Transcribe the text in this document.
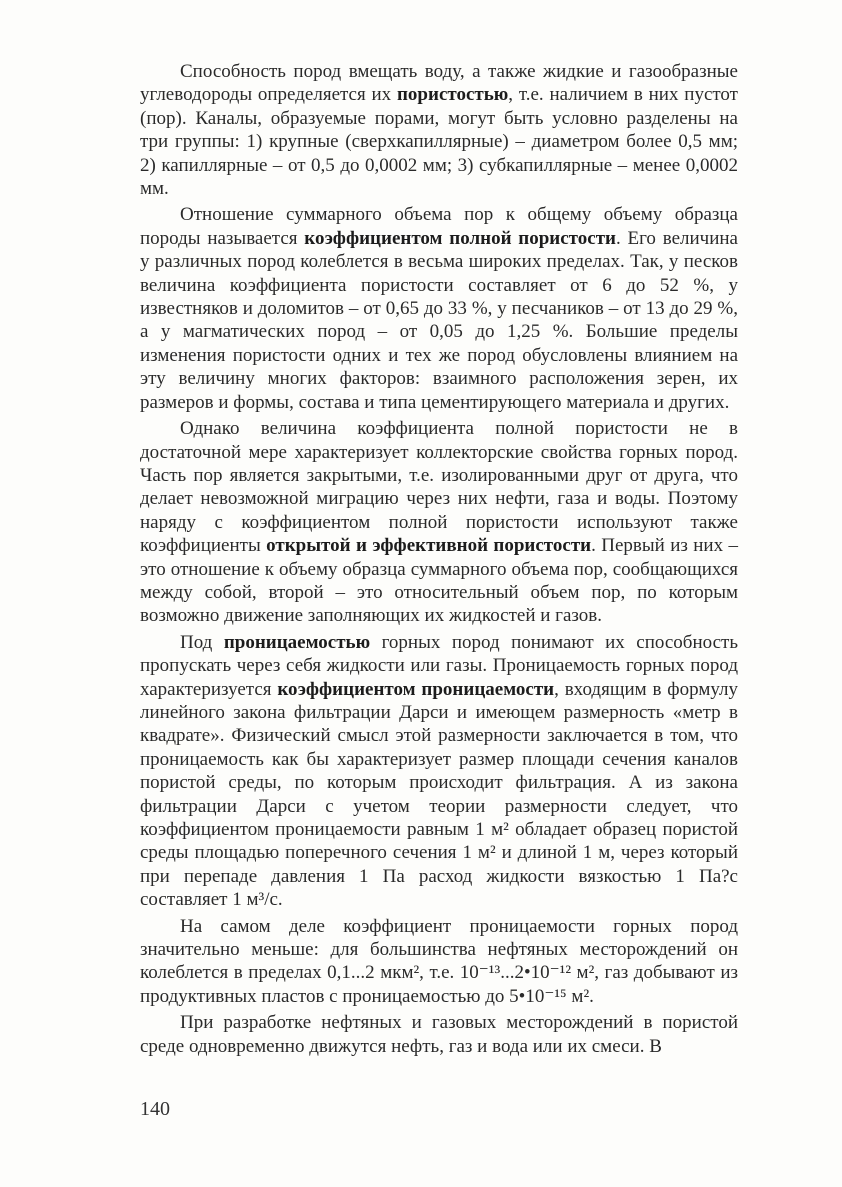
Способность пород вмещать воду, а также жидкие и газообразные углеводороды определяется их пористостью, т.е. наличием в них пустот (пор). Каналы, образуемые порами, могут быть условно разделены на три группы: 1) крупные (сверхкапиллярные) – диаметром более 0,5 мм; 2) капиллярные – от 0,5 до 0,0002 мм; 3) субкапиллярные – менее 0,0002 мм.

Отношение суммарного объема пор к общему объему образца породы называется коэффициентом полной пористости. Его величина у различных пород колеблется в весьма широких пределах. Так, у песков величина коэффициента пористости составляет от 6 до 52 %, у известняков и доломитов – от 0,65 до 33 %, у песчаников – от 13 до 29 %, а у магматических пород – от 0,05 до 1,25 %. Большие пределы изменения пористости одних и тех же пород обусловлены влиянием на эту величину многих факторов: взаимного расположения зерен, их размеров и формы, состава и типа цементирующего материала и других.

Однако величина коэффициента полной пористости не в достаточной мере характеризует коллекторские свойства горных пород. Часть пор является закрытыми, т.е. изолированными друг от друга, что делает невозможной миграцию через них нефти, газа и воды. Поэтому наряду с коэффициентом полной пористости используют также коэффициенты открытой и эффективной пористости. Первый из них – это отношение к объему образца суммарного объема пор, сообщающихся между собой, второй – это относительный объем пор, по которым возможно движение заполняющих их жидкостей и газов.

Под проницаемостью горных пород понимают их способность пропускать через себя жидкости или газы. Проницаемость горных пород характеризуется коэффициентом проницаемости, входящим в формулу линейного закона фильтрации Дарси и имеющем размерность «метр в квадрате». Физический смысл этой размерности заключается в том, что проницаемость как бы характеризует размер площади сечения каналов пористой среды, по которым происходит фильтрация. А из закона фильтрации Дарси с учетом теории размерности следует, что коэффициентом проницаемости равным 1 м² обладает образец пористой среды площадью поперечного сечения 1 м² и длиной 1 м, через который при перепаде давления 1 Па расход жидкости вязкостью 1 Па?с составляет 1 м³/с.

На самом деле коэффициент проницаемости горных пород значительно меньше: для большинства нефтяных месторождений он колеблется в пределах 0,1...2 мкм², т.е. 10⁻¹³...2•10⁻¹² м², газ добывают из продуктивных пластов с проницаемостью до 5•10⁻¹⁵ м².

При разработке нефтяных и газовых месторождений в пористой среде одновременно движутся нефть, газ и вода или их смеси. В

140
